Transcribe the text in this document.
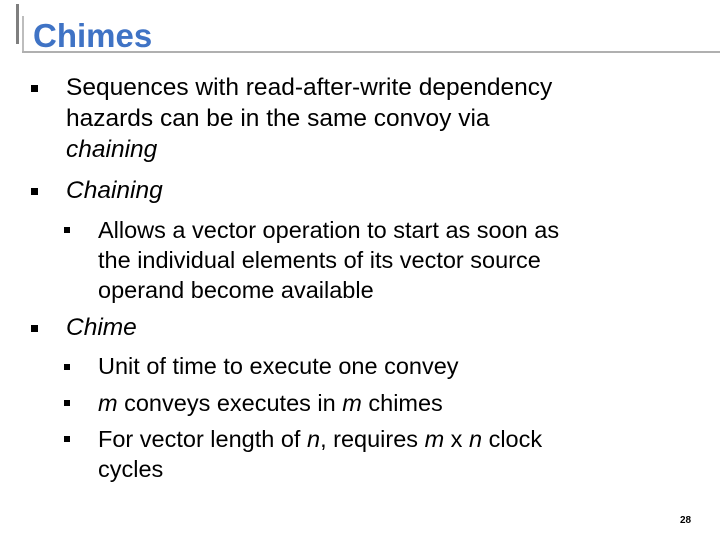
Chimes
Sequences with read-after-write dependency
hazards can be in the same convoy via
chaining
Chaining
Allows a vector operation to start as soon as
the individual elements of its vector source
operand become available
Chime
Unit of time to execute one convey
m conveys executes in m chimes
For vector length of n, requires m x n clock
cycles
28
